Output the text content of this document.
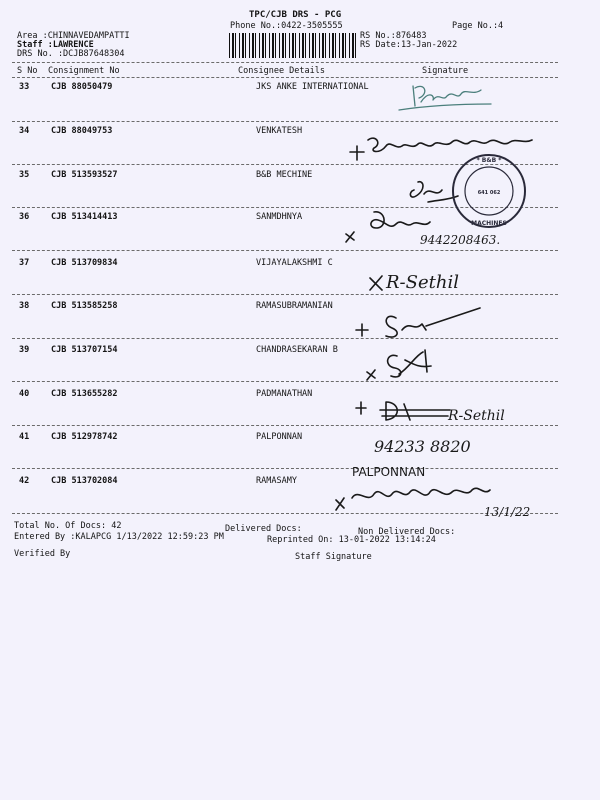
TPC/CJB DRS - PCG
Phone No.:0422-3505555	Page No.:4
Area :CHINNAVEDAMPATTI
Staff :LAWRENCE
DRS No. :DCJB87648304
RS No.:876483
RS Date:13-Jan-2022
S No Consignment No	Consignee Details	Signature
33	CJB 88050479	JKS ANKE INTERNATIONAL
34	CJB 88049753	VENKATESH
35	CJB 513593527	B&B MECHINE
36	CJB 513414413	SANMDHNYA
37	CJB 513709834	VIJAYALAKSHMI C
38	CJB 513585258	RAMASUBRAMANIAN
39	CJB 513707154	CHANDRASEKARAN B
40	CJB 513655282	PADMANATHAN
41	CJB 512978742	PALPONNAN
42	CJB 513702084	RAMASAMY
* B&B *
MACHINES
641 062
9442208463.
R-Sethil
R-Sethil
94233 8820
PALPONNAN
13/1/22
Total No. Of Docs: 42	Delivered Docs:	Non Delivered Docs:
Entered By :KALAPCG 1/13/2022 12:59:23 PM	Reprinted On: 13-01-2022 13:14:24
Verified By	Staff Signature
